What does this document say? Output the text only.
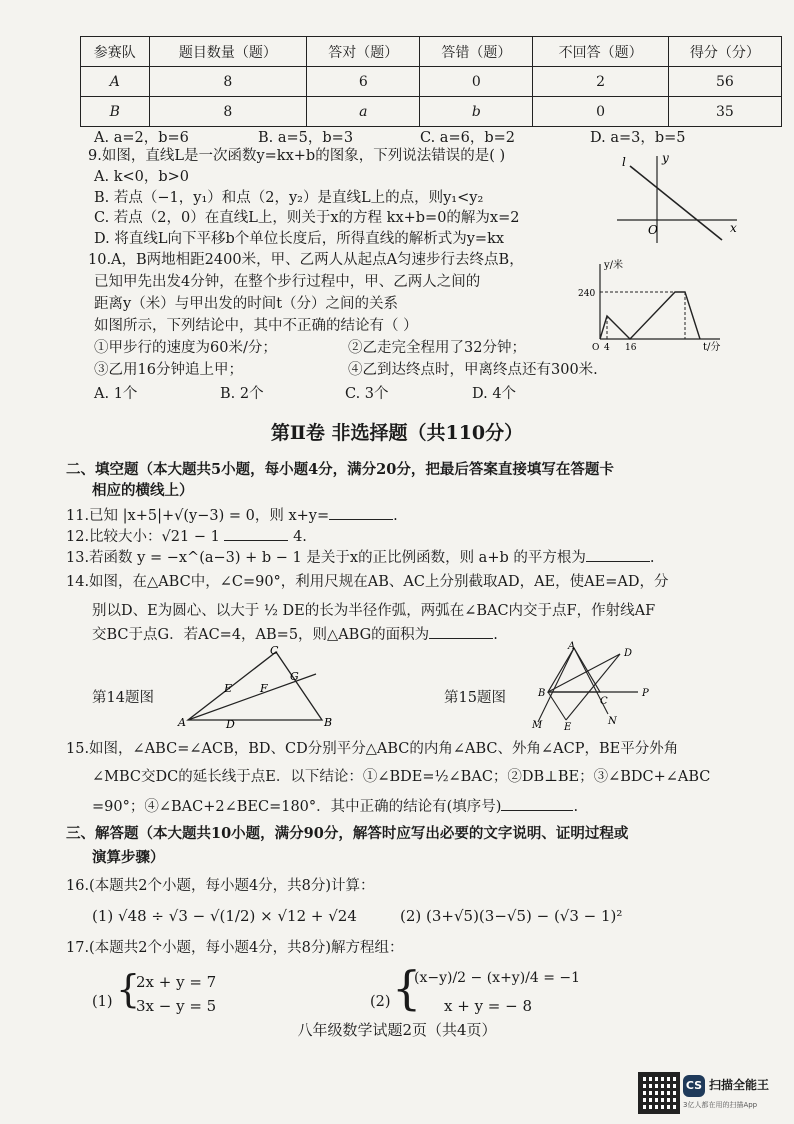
参赛队	题目数量（题）	答对（题）	答错（题）	不回答（题）	得分（分）
A	8	6	0	2	56
B	8	a	b	0	35
A. a=2，b=6	B. a=5，b=3	C. a=6，b=2	D. a=3，b=5
9.如图，直线L是一次函数y=kx+b的图象，下列说法错误的是( )
A. k<0，b>0
B. 若点（−1，y₁）和点（2，y₂）是直线L上的点，则y₁<y₂
C. 若点（2，0）在直线L上，则关于x的方程 kx+b=0的解为x=2
D. 将直线L向下平移b个单位长度后，所得直线的解析式为y=kx
l	y
x
O
10.A，B两地相距2400米，甲、乙两人从起点A匀速步行去终点B，
已知甲先出发4分钟，在整个步行过程中，甲、乙两人之间的
距离y（米）与甲出发的时间t（分）之间的关系
如图所示，下列结论中，其中不正确的结论有（ ）
①甲步行的速度为60米/分；	②乙走完全程用了32分钟；
③乙用16分钟追上甲；	④乙到达终点时，甲离终点还有300米.
A. 1个	B. 2个	C. 3个	D. 4个
y/米
240
O 4 16	t/分
第Ⅱ卷 非选择题（共110分）
二、填空题（本大题共5小题，每小题4分，满分20分，把最后答案直接填写在答题卡
相应的横线上）
11.已知 |x+5|+√(y−3) = 0，则 x+y=	.
12.比较大小：√21 − 1	4.
13.若函数 y = −x^(a−3) + b − 1 是关于x的正比例函数，则 a+b 的平方根为	.
14.如图，在△ABC中，∠C=90°，利用尺规在AB、AC上分别截取AD，AE，使AE=AD，分
别以D、E为圆心、以大于 ½ DE的长为半径作弧，两弧在∠BAC内交于点F，作射线AF
交BC于点G．若AC=4，AB=5，则△ABG的面积为	.
第14题图
A	B
C
D
E	F
G
第15题图
A
B
C
D
E
M	N
P
15.如图，∠ABC=∠ACB，BD、CD分别平分△ABC的内角∠ABC、外角∠ACP，BE平分外角
∠MBC交DC的延长线于点E．以下结论：①∠BDE=½∠BAC；②DB⊥BE；③∠BDC+∠ABC
=90°；④∠BAC+2∠BEC=180°．其中正确的结论有(填序号)	.
三、解答题（本大题共10小题，满分90分，解答时应写出必要的文字说明、证明过程或
演算步骤）
16.(本题共2个小题，每小题4分，共8分)计算：
(1) √48 ÷ √3 − √(1/2) × √12 + √24	(2) (3+√5)(3−√5) − (√3 − 1)²
17.(本题共2个小题，每小题4分，共8分)解方程组：
(1) {
2x + y = 7
3x − y = 5	(2) {
(x−y)/2 − (x+y)/4 = −1
x + y = − 8
八年级数学试题2页（共4页）
CS 扫描全能王
3亿人都在用的扫描App
